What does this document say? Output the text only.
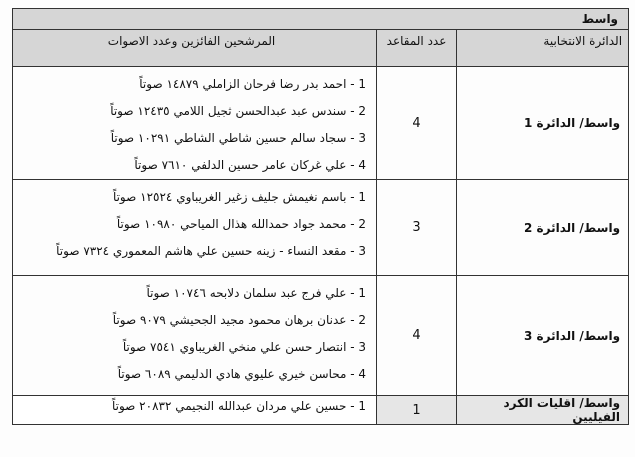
واسط		
الدائرة الانتخابية	عدد المقاعد	المرشحين الفائزين وعدد الاصوات
واسط/ الدائرة 1	4	1 - احمد بدر رضا فرحان الزاملي ١٤٨٧٩ صوتاً
2 - سندس عبد عبدالحسن ثجيل اللامي ١٢٤٣٥ صوتاً
3 - سجاد سالم حسين شاطي الشاطي ١٠٢٩١ صوتاً
4 - علي غركان عامر حسين الدلفي ٧٦١٠ صوتاً

واسط/ الدائرة 2	3	1 - باسم نغيمش جليف زغير الغريباوي ١٢٥٢٤ صوتاً
2 - محمد جواد حمدالله هذال المياحي ١٠٩٨٠ صوتاً
3 - مقعد النساء - زينه حسين علي هاشم المعموري ٧٣٢٤ صوتاً

واسط/ الدائرة 3	4	1 - علي فرج عبد سلمان دلابحه ١٠٧٤٦ صوتاً
2 - عدنان برهان محمود مجيد الجحيشي ٩٠٧٩ صوتاً
3 - انتصار حسن علي منخي الغريباوي ٧٥٤١ صوتاً
4 - محاسن خيري عليوي هادي الدليمي ٦٠٨٩ صوتاً

واسط/ اقليات الكرد الفيليين	1	1 - حسين علي مردان عبدالله النجيمي ٢٠٨٣٢ صوتاً
